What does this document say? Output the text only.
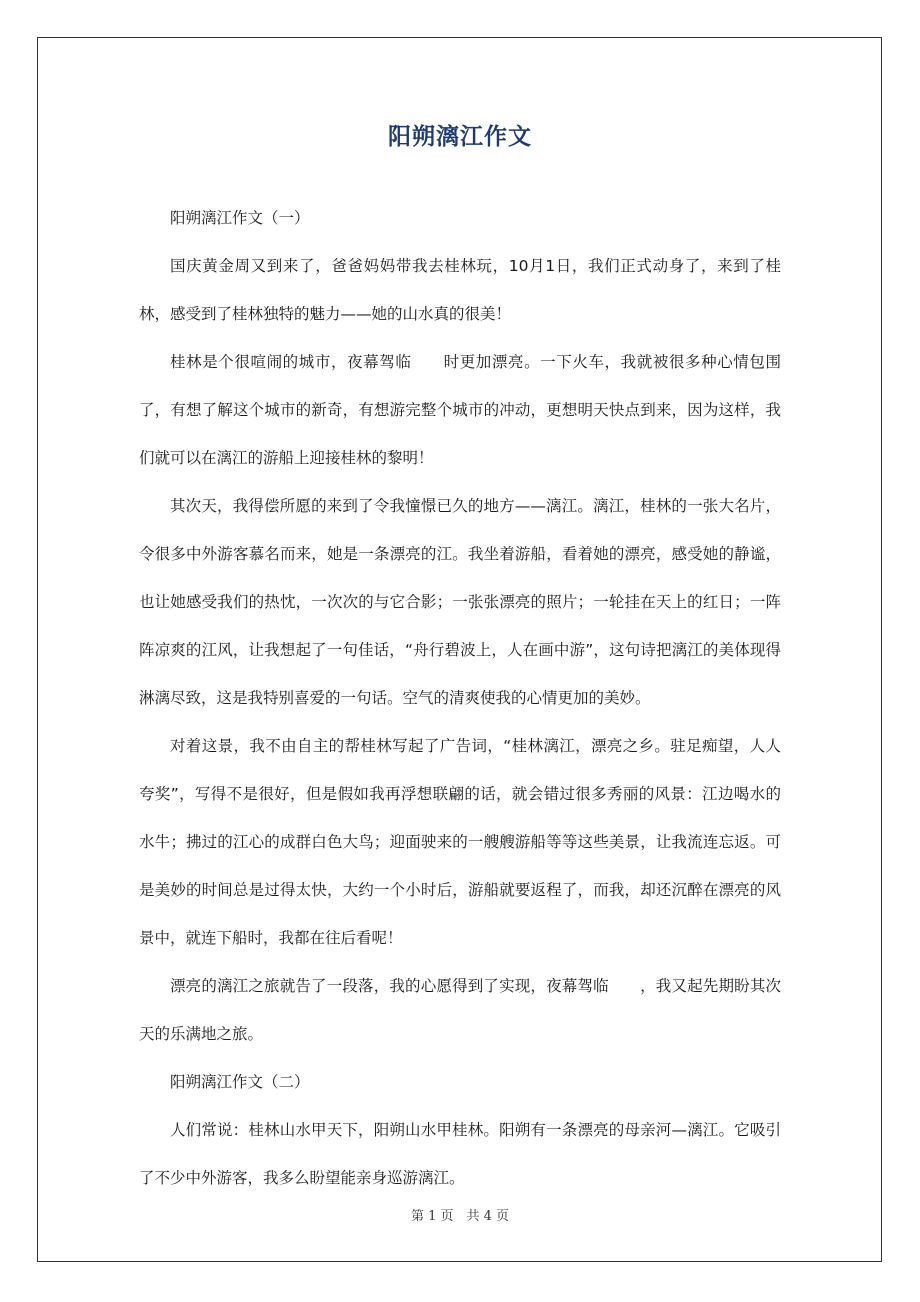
阳朔漓江作文

阳朔漓江作文（一）

国庆黄金周又到来了，爸爸妈妈带我去桂林玩，10月1日，我们正式动身了，来到了桂林，感受到了桂林独特的魅力——她的山水真的很美！

桂林是个很喧闹的城市，夜幕驾临　　时更加漂亮。一下火车，我就被很多种心情包围了，有想了解这个城市的新奇，有想游完整个城市的冲动，更想明天快点到来，因为这样，我们就可以在漓江的游船上迎接桂林的黎明！

其次天，我得偿所愿的来到了令我憧憬已久的地方——漓江。漓江，桂林的一张大名片，令很多中外游客慕名而来，她是一条漂亮的江。我坐着游船，看着她的漂亮，感受她的静谧，也让她感受我们的热忱，一次次的与它合影；一张张漂亮的照片；一轮挂在天上的红日；一阵阵凉爽的江风，让我想起了一句佳话，“舟行碧波上，人在画中游”，这句诗把漓江的美体现得淋漓尽致，这是我特别喜爱的一句话。空气的清爽使我的心情更加的美妙。

对着这景，我不由自主的帮桂林写起了广告词，“桂林漓江，漂亮之乡。驻足痴望，人人夸奖”，写得不是很好，但是假如我再浮想联翩的话，就会错过很多秀丽的风景：江边喝水的水牛；拂过的江心的成群白色大鸟；迎面驶来的一艘艘游船等等这些美景，让我流连忘返。可是美妙的时间总是过得太快，大约一个小时后，游船就要返程了，而我，却还沉醉在漂亮的风景中，就连下船时，我都在往后看呢！

漂亮的漓江之旅就告了一段落，我的心愿得到了实现，夜幕驾临　　，我又起先期盼其次天的乐满地之旅。

阳朔漓江作文（二）

人们常说：桂林山水甲天下，阳朔山水甲桂林。阳朔有一条漂亮的母亲河—漓江。它吸引了不少中外游客，我多么盼望能亲身巡游漓江。

第 1 页　共 4 页
